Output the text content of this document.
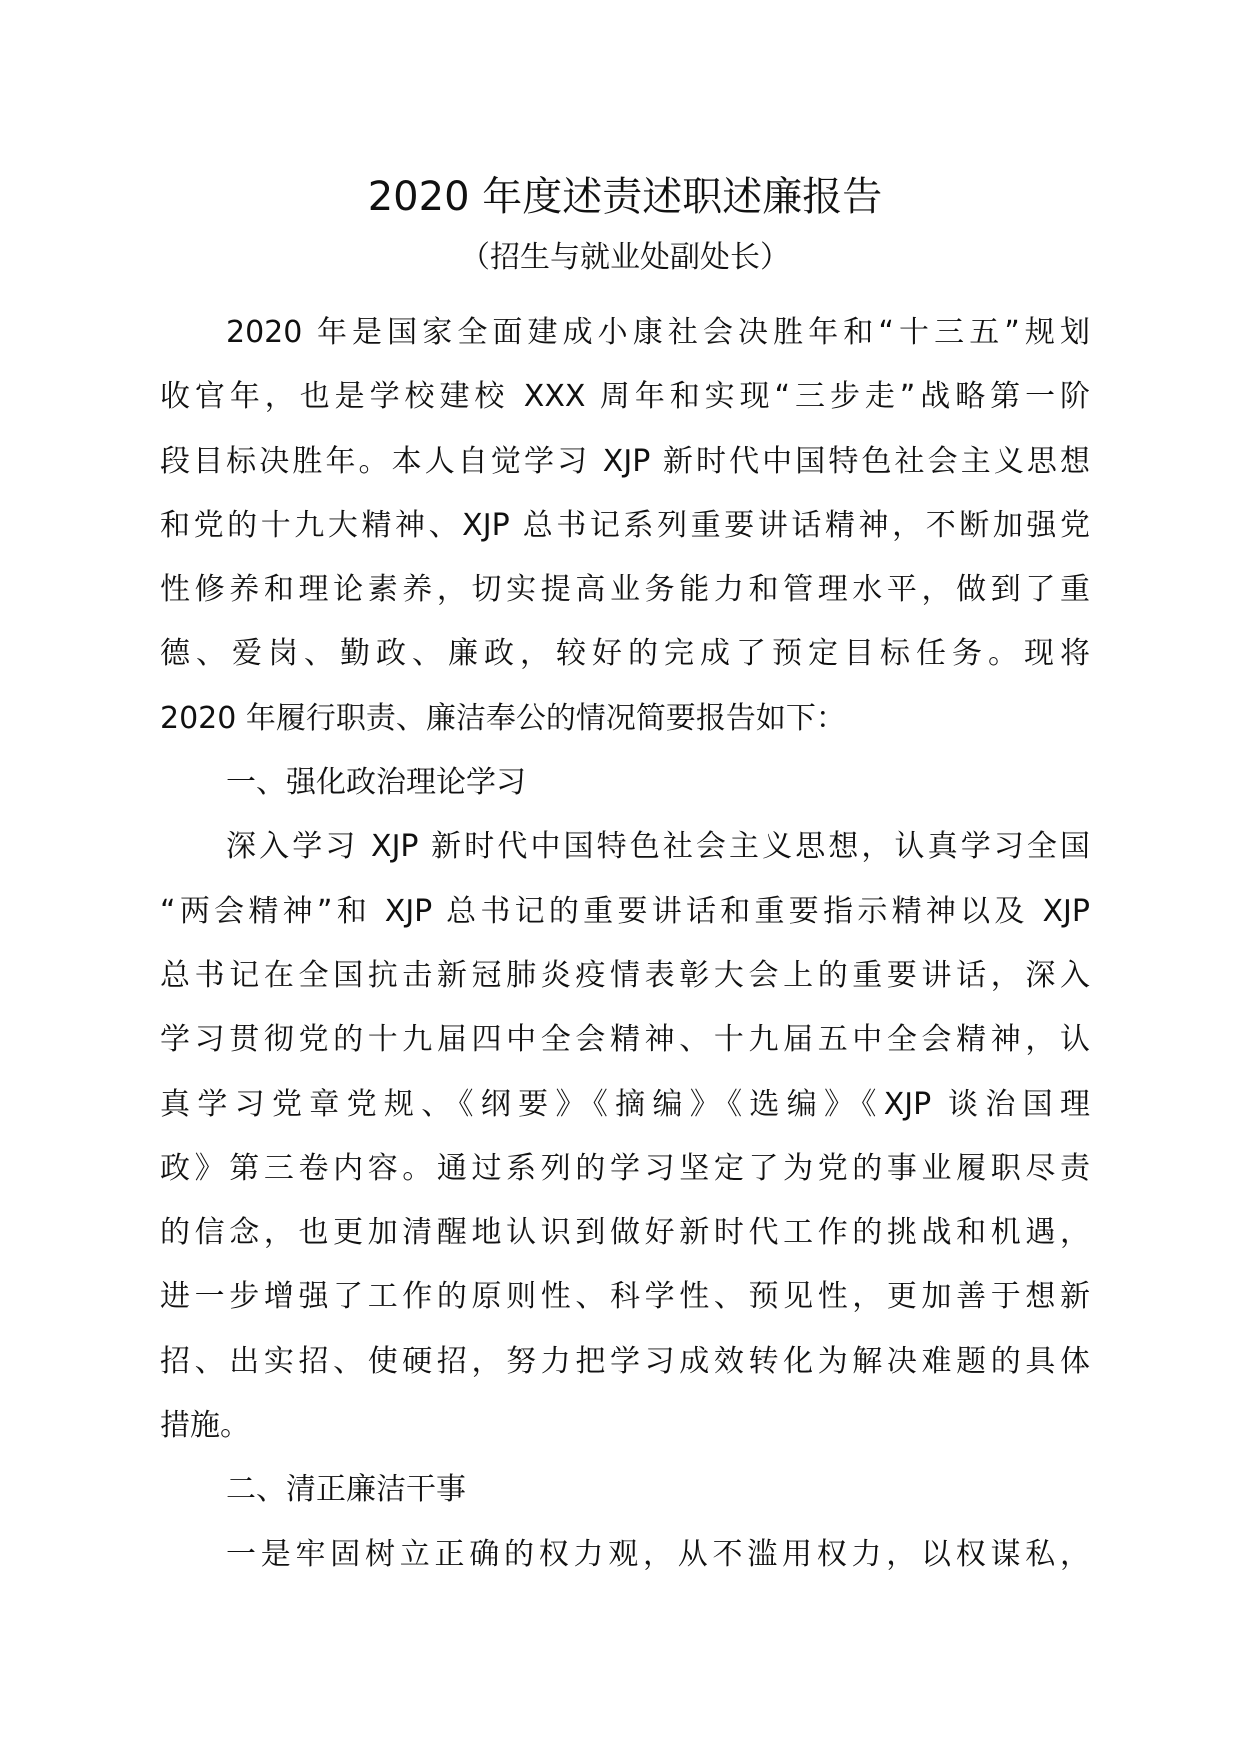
2020 年度述责述职述廉报告
（招生与就业处副处长）
2020 年是国家全面建成小康社会决胜年和“十三五”规划
收官年，也是学校建校 XXX 周年和实现“三步走”战略第一阶
段目标决胜年。本人自觉学习 XJP 新时代中国特色社会主义思想
和党的十九大精神、XJP 总书记系列重要讲话精神，不断加强党
性修养和理论素养，切实提高业务能力和管理水平，做到了重
德、爱岗、勤政、廉政，较好的完成了预定目标任务。现将
2020 年履行职责、廉洁奉公的情况简要报告如下：
一、强化政治理论学习
深入学习 XJP 新时代中国特色社会主义思想，认真学习全国
“两会精神”和 XJP 总书记的重要讲话和重要指示精神以及 XJP
总书记在全国抗击新冠肺炎疫情表彰大会上的重要讲话，深入
学习贯彻党的十九届四中全会精神、十九届五中全会精神，认
真学习党章党规、《纲要》《摘编》《选编》《XJP 谈治国理
政》第三卷内容。通过系列的学习坚定了为党的事业履职尽责
的信念，也更加清醒地认识到做好新时代工作的挑战和机遇，
进一步增强了工作的原则性、科学性、预见性，更加善于想新
招、出实招、使硬招，努力把学习成效转化为解决难题的具体
措施。
二、清正廉洁干事
一是牢固树立正确的权力观，从不滥用权力，以权谋私，
